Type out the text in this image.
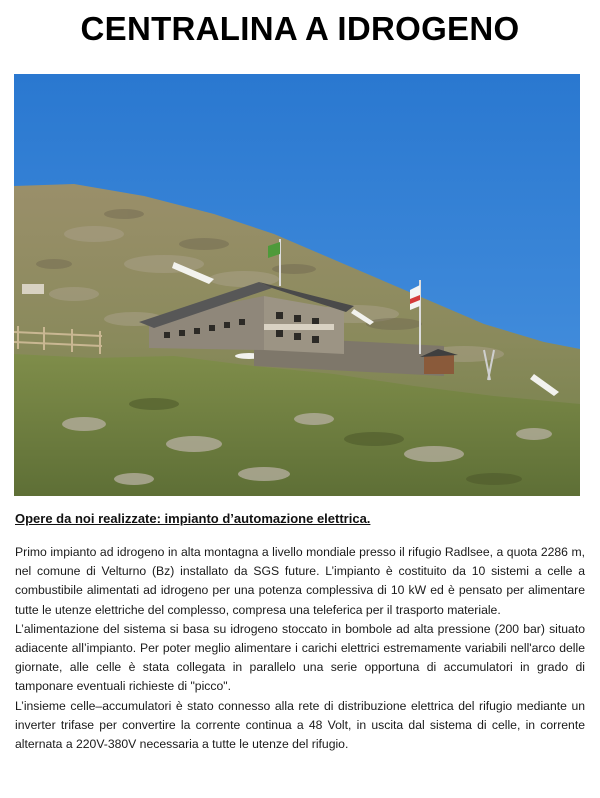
CENTRALINA A IDROGENO
Opere da noi realizzate: impianto d’automazione elettrica.

Primo impianto ad idrogeno in alta montagna a livello mondiale presso il rifugio Radlsee, a quota 2286 m, nel comune di Velturno (Bz) installato da SGS future. L’impianto è costituito da 10 sistemi a celle a combustibile alimentati ad idrogeno per una potenza complessiva di 10 kW ed è pensato per alimentare tutte le utenze elettriche del complesso, compresa una teleferica per il trasporto materiale.

L’alimentazione del sistema si basa su idrogeno stoccato in bombole ad alta pressione (200 bar) situato adiacente all’impianto. Per poter meglio alimentare i carichi elettrici estremamente variabili nell'arco delle giornate, alle celle è stata collegata in parallelo una serie opportuna di accumulatori in grado di tamponare eventuali richieste di "picco".

L’insieme celle–accumulatori è stato connesso alla rete di distribuzione elettrica del rifugio mediante un inverter trifase per convertire la corrente continua a 48 Volt, in uscita dal sistema di celle, in corrente alternata a 220V-380V necessaria a tutte le utenze del rifugio.
